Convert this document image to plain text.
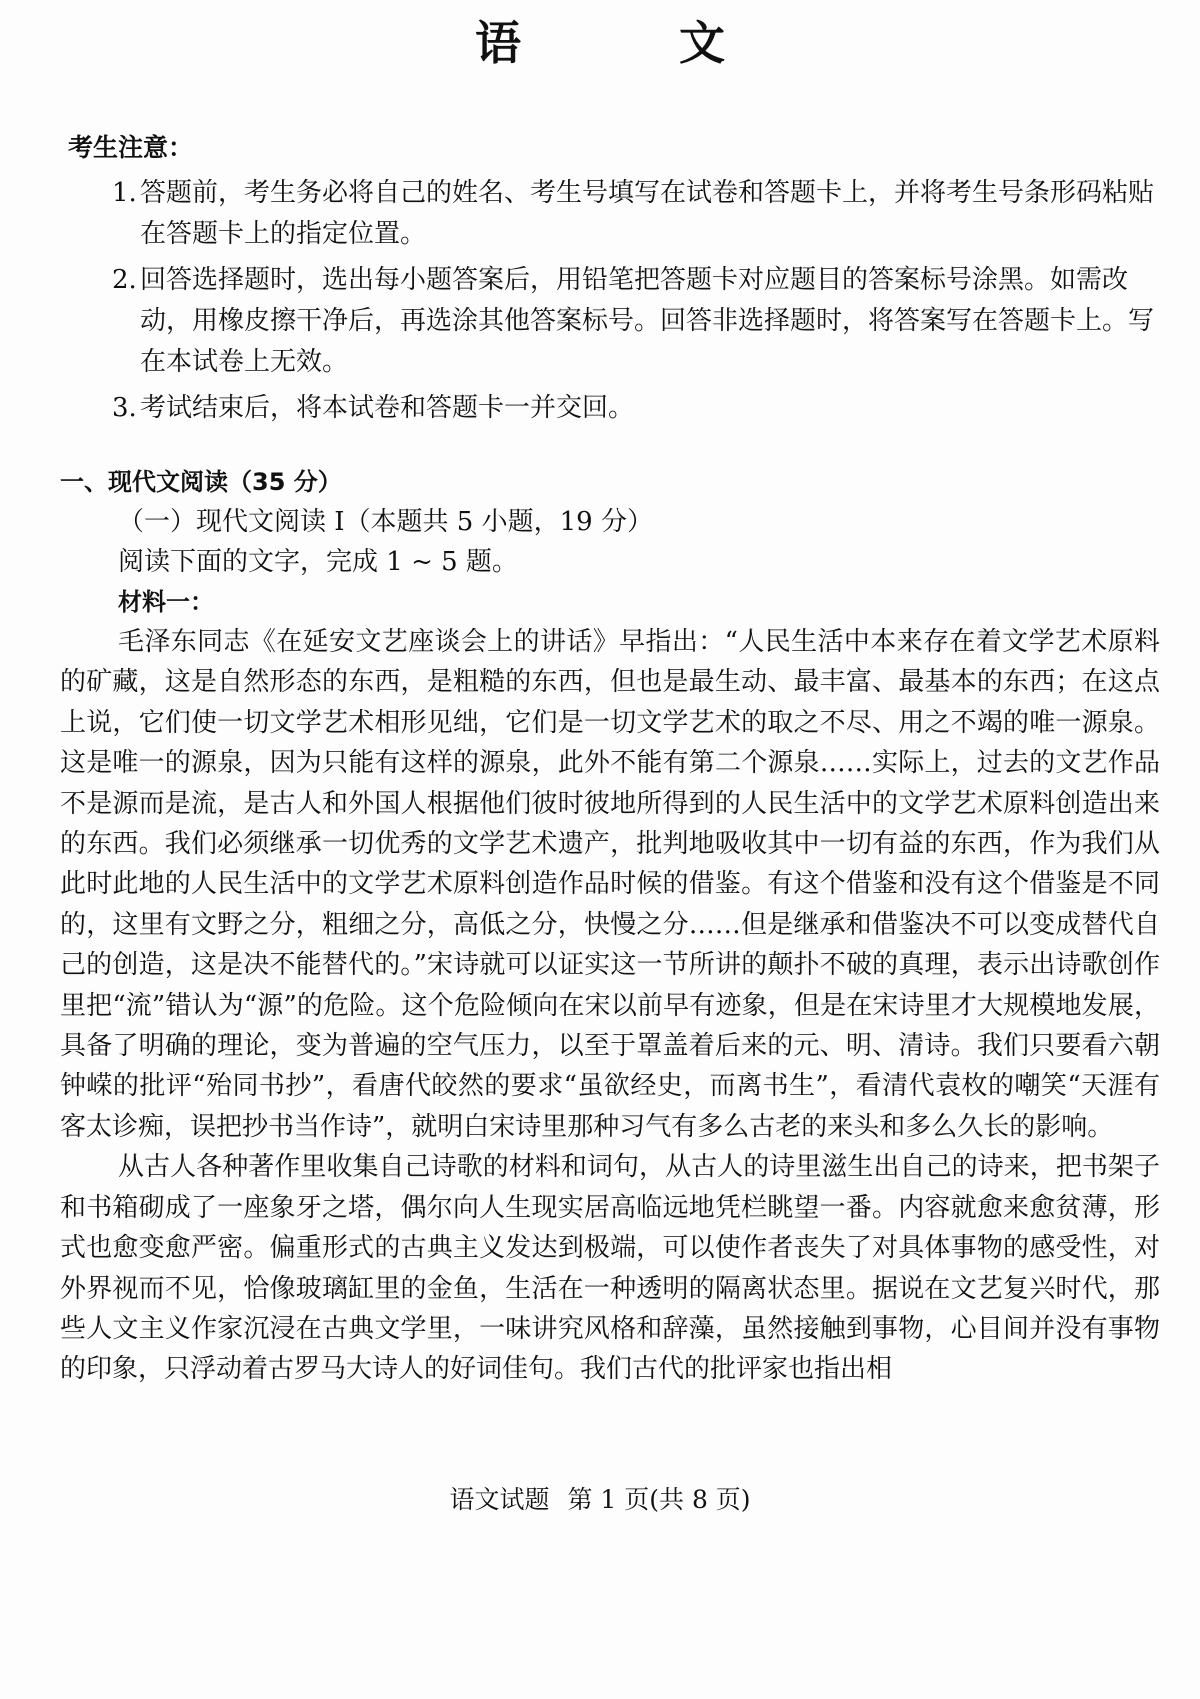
语　文
考生注意：
1. 答题前，考生务必将自己的姓名、考生号填写在试卷和答题卡上，并将考生号条形码粘贴在答题卡上的指定位置。
2. 回答选择题时，选出每小题答案后，用铅笔把答题卡对应题目的答案标号涂黑。如需改动，用橡皮擦干净后，再选涂其他答案标号。回答非选择题时，将答案写在答题卡上。写在本试卷上无效。
3. 考试结束后，将本试卷和答题卡一并交回。
一、现代文阅读（35 分）
（一）现代文阅读 Ⅰ（本题共 5 小题，19 分）
阅读下面的文字，完成 1 ~ 5 题。
材料一：

毛泽东同志《在延安文艺座谈会上的讲话》早指出：“人民生活中本来存在着文学艺术原料的矿藏，这是自然形态的东西，是粗糙的东西，但也是最生动、最丰富、最基本的东西；在这点上说，它们使一切文学艺术相形见绌，它们是一切文学艺术的取之不尽、用之不竭的唯一源泉。这是唯一的源泉，因为只能有这样的源泉，此外不能有第二个源泉……实际上，过去的文艺作品不是源而是流，是古人和外国人根据他们彼时彼地所得到的人民生活中的文学艺术原料创造出来的东西。我们必须继承一切优秀的文学艺术遗产，批判地吸收其中一切有益的东西，作为我们从此时此地的人民生活中的文学艺术原料创造作品时候的借鉴。有这个借鉴和没有这个借鉴是不同的，这里有文野之分，粗细之分，高低之分，快慢之分……但是继承和借鉴决不可以变成替代自己的创造，这是决不能替代的。”宋诗就可以证实这一节所讲的颠扑不破的真理，表示出诗歌创作里把“流”错认为“源”的危险。这个危险倾向在宋以前早有迹象，但是在宋诗里才大规模地发展，具备了明确的理论，变为普遍的空气压力，以至于罩盖着后来的元、明、清诗。我们只要看六朝钟嵘的批评“殆同书抄”，看唐代皎然的要求“虽欲经史，而离书生”，看清代袁枚的嘲笑“天涯有客太诊痴，误把抄书当作诗”，就明白宋诗里那种习气有多么古老的来头和多么久长的影响。

从古人各种著作里收集自己诗歌的材料和词句，从古人的诗里滋生出自己的诗来，把书架子和书箱砌成了一座象牙之塔，偶尔向人生现实居高临远地凭栏眺望一番。内容就愈来愈贫薄，形式也愈变愈严密。偏重形式的古典主义发达到极端，可以使作者丧失了对具体事物的感受性，对外界视而不见，恰像玻璃缸里的金鱼，生活在一种透明的隔离状态里。据说在文艺复兴时代，那些人文主义作家沉浸在古典文学里，一味讲究风格和辞藻，虽然接触到事物，心目间并没有事物的印象，只浮动着古罗马大诗人的好词佳句。我们古代的批评家也指出相

语文试题 第 1 页(共 8 页)
